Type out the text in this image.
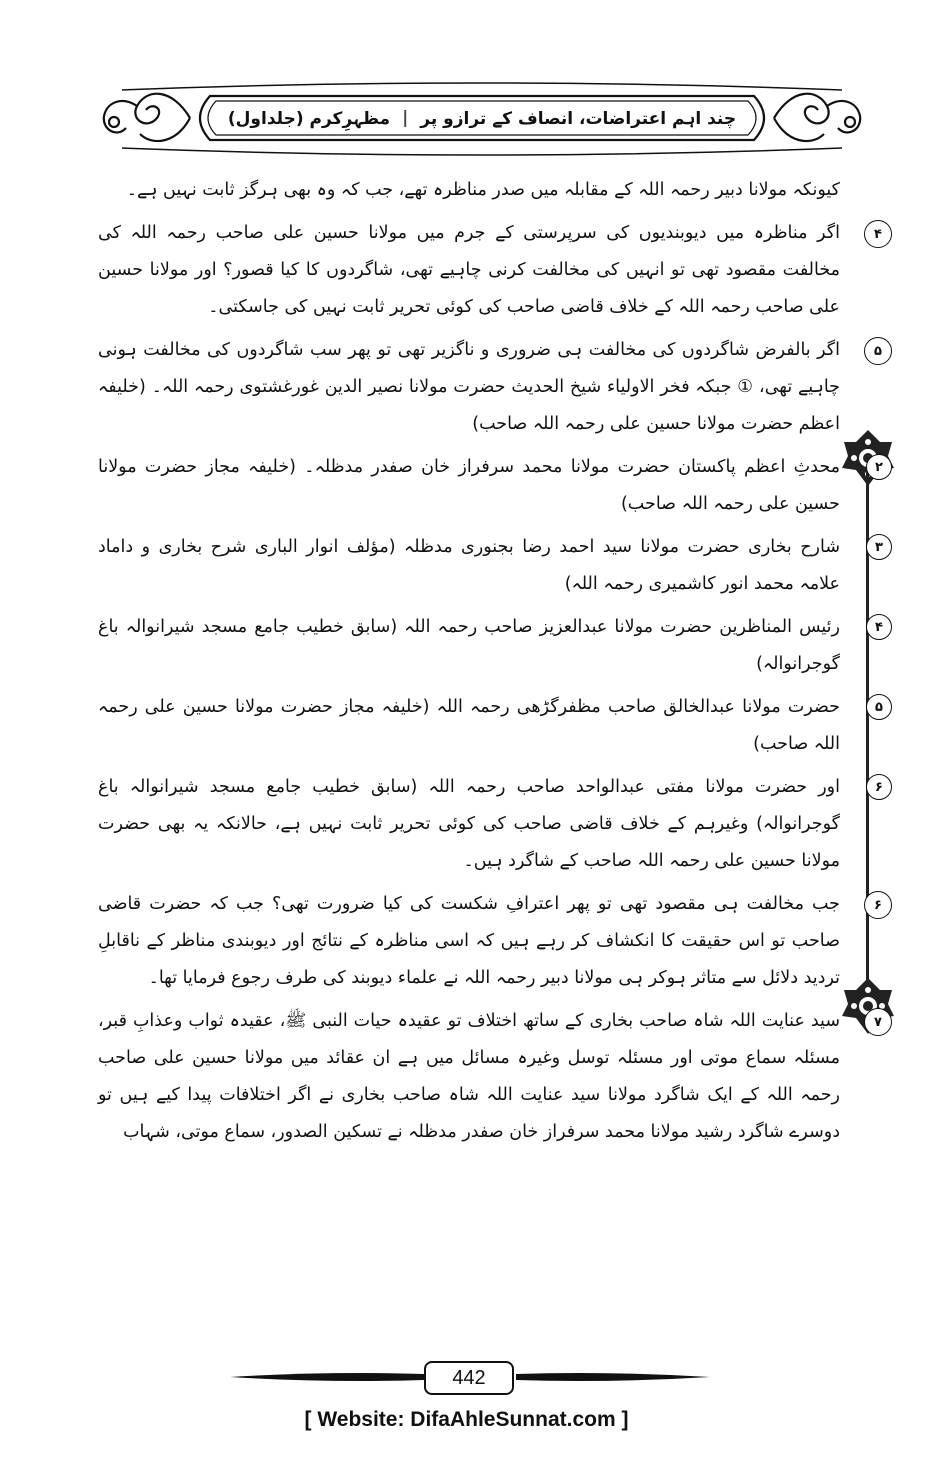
چند اہم اعتراضات، انصاف کے ترازو پر
|
مظہرِکرم (جلداول)

کیونکہ مولانا دبیر رحمہ اللہ کے مقابلہ میں صدر مناظرہ تھے، جب کہ وہ بھی ہرگز ثابت نہیں ہے۔

۴
اگر مناظرہ میں دیوبندیوں کی سرپرستی کے جرم میں مولانا حسین علی صاحب رحمہ اللہ کی مخالفت مقصود تھی تو انہیں کی مخالفت کرنی چاہیے تھی، شاگردوں کا کیا قصور؟ اور مولانا حسین علی صاحب رحمہ اللہ کے خلاف قاضی صاحب کی کوئی تحریر ثابت نہیں کی جاسکتی۔

۵
اگر بالفرض شاگردوں کی مخالفت ہی ضروری و ناگزیر تھی تو پھر سب شاگردوں کی مخالفت ہونی چاہیے تھی، ① جبکہ فخر الاولیاء شیخ الحدیث حضرت مولانا نصیر الدین غورغشتوی رحمہ اللہ۔ (خلیفہ اعظم حضرت مولانا حسین علی رحمہ اللہ صاحب)

۲
محدثِ اعظم پاکستان حضرت مولانا محمد سرفراز خان صفدر مدظلہ۔ (خلیفہ مجاز حضرت مولانا حسین علی رحمہ اللہ صاحب)

۳
شارح بخاری حضرت مولانا سید احمد رضا بجنوری مدظلہ (مؤلف انوار الباری شرح بخاری و داماد علامہ محمد انور کاشمیری رحمہ اللہ)

۴
رئیس المناظرین حضرت مولانا عبدالعزیز صاحب رحمہ اللہ (سابق خطیب جامع مسجد شیرانوالہ باغ گوجرانوالہ)

۵
حضرت مولانا عبدالخالق صاحب مظفرگڑھی رحمہ اللہ (خلیفہ مجاز حضرت مولانا حسین علی رحمہ اللہ صاحب)

۶
اور حضرت مولانا مفتی عبدالواحد صاحب رحمہ اللہ (سابق خطیب جامع مسجد شیرانوالہ باغ گوجرانوالہ) وغیرہم کے خلاف قاضی صاحب کی کوئی تحریر ثابت نہیں ہے، حالانکہ یہ بھی حضرت مولانا حسین علی رحمہ اللہ صاحب کے شاگرد ہیں۔

۶
جب مخالفت ہی مقصود تھی تو پھر اعترافِ شکست کی کیا ضرورت تھی؟ جب کہ حضرت قاضی صاحب تو اس حقیقت کا انکشاف کر رہے ہیں کہ اسی مناظرہ کے نتائج اور دیوبندی مناظر کے ناقابلِ تردید دلائل سے متاثر ہوکر ہی مولانا دبیر رحمہ اللہ نے علماء دیوبند کی طرف رجوع فرمایا تھا۔

۷
سید عنایت اللہ شاہ صاحب بخاری کے ساتھ اختلاف تو عقیدہ حیات النبی ﷺ، عقیدہ ثواب وعذابِ قبر، مسئلہ سماع موتی اور مسئلہ توسل وغیرہ مسائل میں ہے ان عقائد میں مولانا حسین علی صاحب رحمہ اللہ کے ایک شاگرد مولانا سید عنایت اللہ شاہ صاحب بخاری نے اگر اختلافات پیدا کیے ہیں تو دوسرے شاگرد رشید مولانا محمد سرفراز خان صفدر مدظلہ نے تسکین الصدور، سماع موتی، شہاب

442
[ Website: DifaAhleSunnat.com ]
